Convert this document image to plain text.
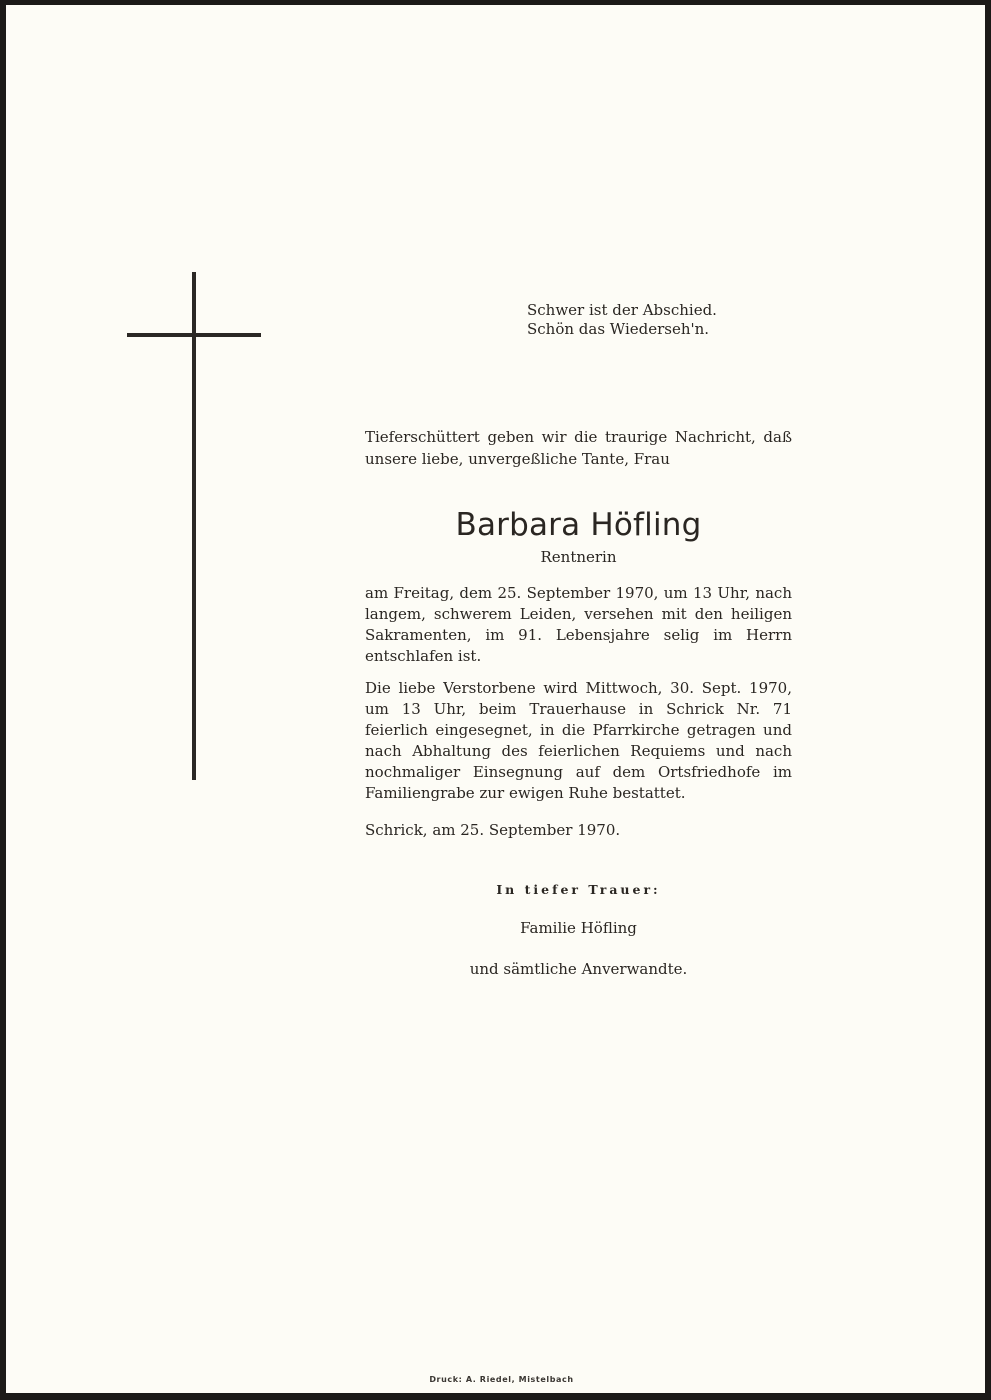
Schwer ist der Abschied.
Schön das Wiederseh'n.
Tieferschüttert geben wir die traurige Nachricht, daß unsere liebe, unvergeßliche Tante, Frau
Barbara Höfling
Rentnerin
am Freitag, dem 25. September 1970, um 13 Uhr, nach langem, schwerem Leiden, versehen mit den heiligen Sakramenten, im 91. Lebensjahre selig im Herrn entschlafen ist.
Die liebe Verstorbene wird Mittwoch, 30. Sept. 1970, um 13 Uhr, beim Trauerhause in Schrick Nr. 71 feierlich eingesegnet, in die Pfarrkirche getragen und nach Abhaltung des feierlichen Requiems und nach nochmaliger Einsegnung auf dem Ortsfriedhofe im Familiengrabe zur ewigen Ruhe bestattet.
Schrick, am 25. September 1970.
In tiefer Trauer:
Familie Höfling
und sämtliche Anverwandte.
Druck: A. Riedel, Mistelbach
